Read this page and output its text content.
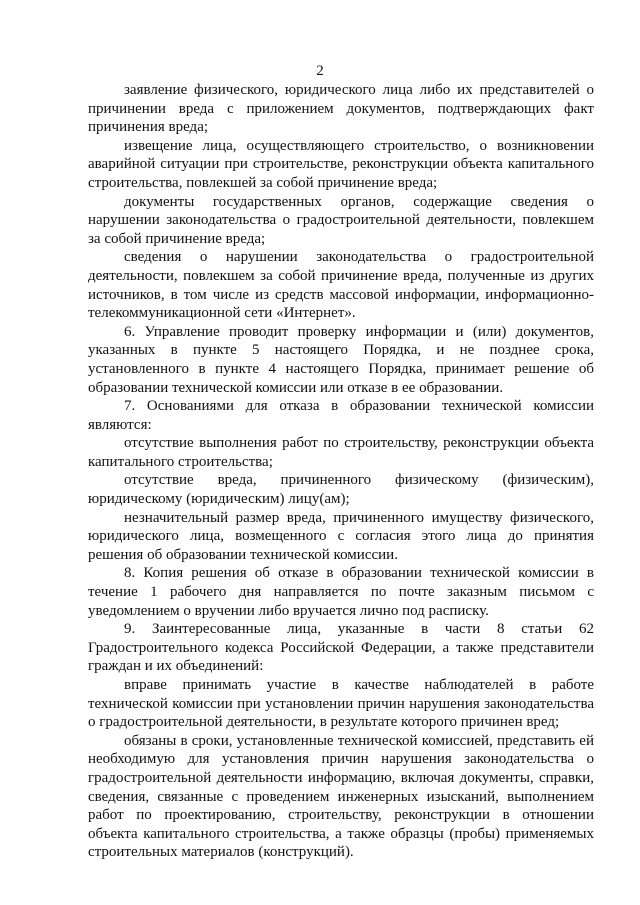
2

заявление физического, юридического лица либо их представителей о причинении вреда с приложением документов, подтверждающих факт причинения вреда;

извещение лица, осуществляющего строительство, о возникновении аварийной ситуации при строительстве, реконструкции объекта капитального строительства, повлекшей за собой причинение вреда;

документы государственных органов, содержащие сведения о нарушении законодательства о градостроительной деятельности, повлекшем за собой причинение вреда;

сведения о нарушении законодательства о градостроительной деятельности, повлекшем за собой причинение вреда, полученные из других источников, в том числе из средств массовой информации, информационно-телекоммуникационной сети «Интернет».

6. Управление проводит проверку информации и (или) документов, указанных в пункте 5 настоящего Порядка, и не позднее срока, установленного в пункте 4 настоящего Порядка, принимает решение об образовании технической комиссии или отказе в ее образовании.

7. Основаниями для отказа в образовании технической комиссии являются:

отсутствие выполнения работ по строительству, реконструкции объекта капитального строительства;

отсутствие вреда, причиненного физическому (физическим), юридическому (юридическим) лицу(ам);

незначительный размер вреда, причиненного имуществу физического, юридического лица, возмещенного с согласия этого лица до принятия решения об образовании технической комиссии.

8. Копия решения об отказе в образовании технической комиссии в течение 1 рабочего дня направляется по почте заказным письмом с уведомлением о вручении либо вручается лично под расписку.

9. Заинтересованные лица, указанные в части 8 статьи 62 Градостроительного кодекса Российской Федерации, а также представители граждан и их объединений:

вправе принимать участие в качестве наблюдателей в работе технической комиссии при установлении причин нарушения законодательства о градостроительной деятельности, в результате которого причинен вред;

обязаны в сроки, установленные технической комиссией, представить ей необходимую для установления причин нарушения законодательства о градостроительной деятельности информацию, включая документы, справки, сведения, связанные с проведением инженерных изысканий, выполнением работ по проектированию, строительству, реконструкции в отношении объекта капитального строительства, а также образцы (пробы) применяемых строительных материалов (конструкций).
